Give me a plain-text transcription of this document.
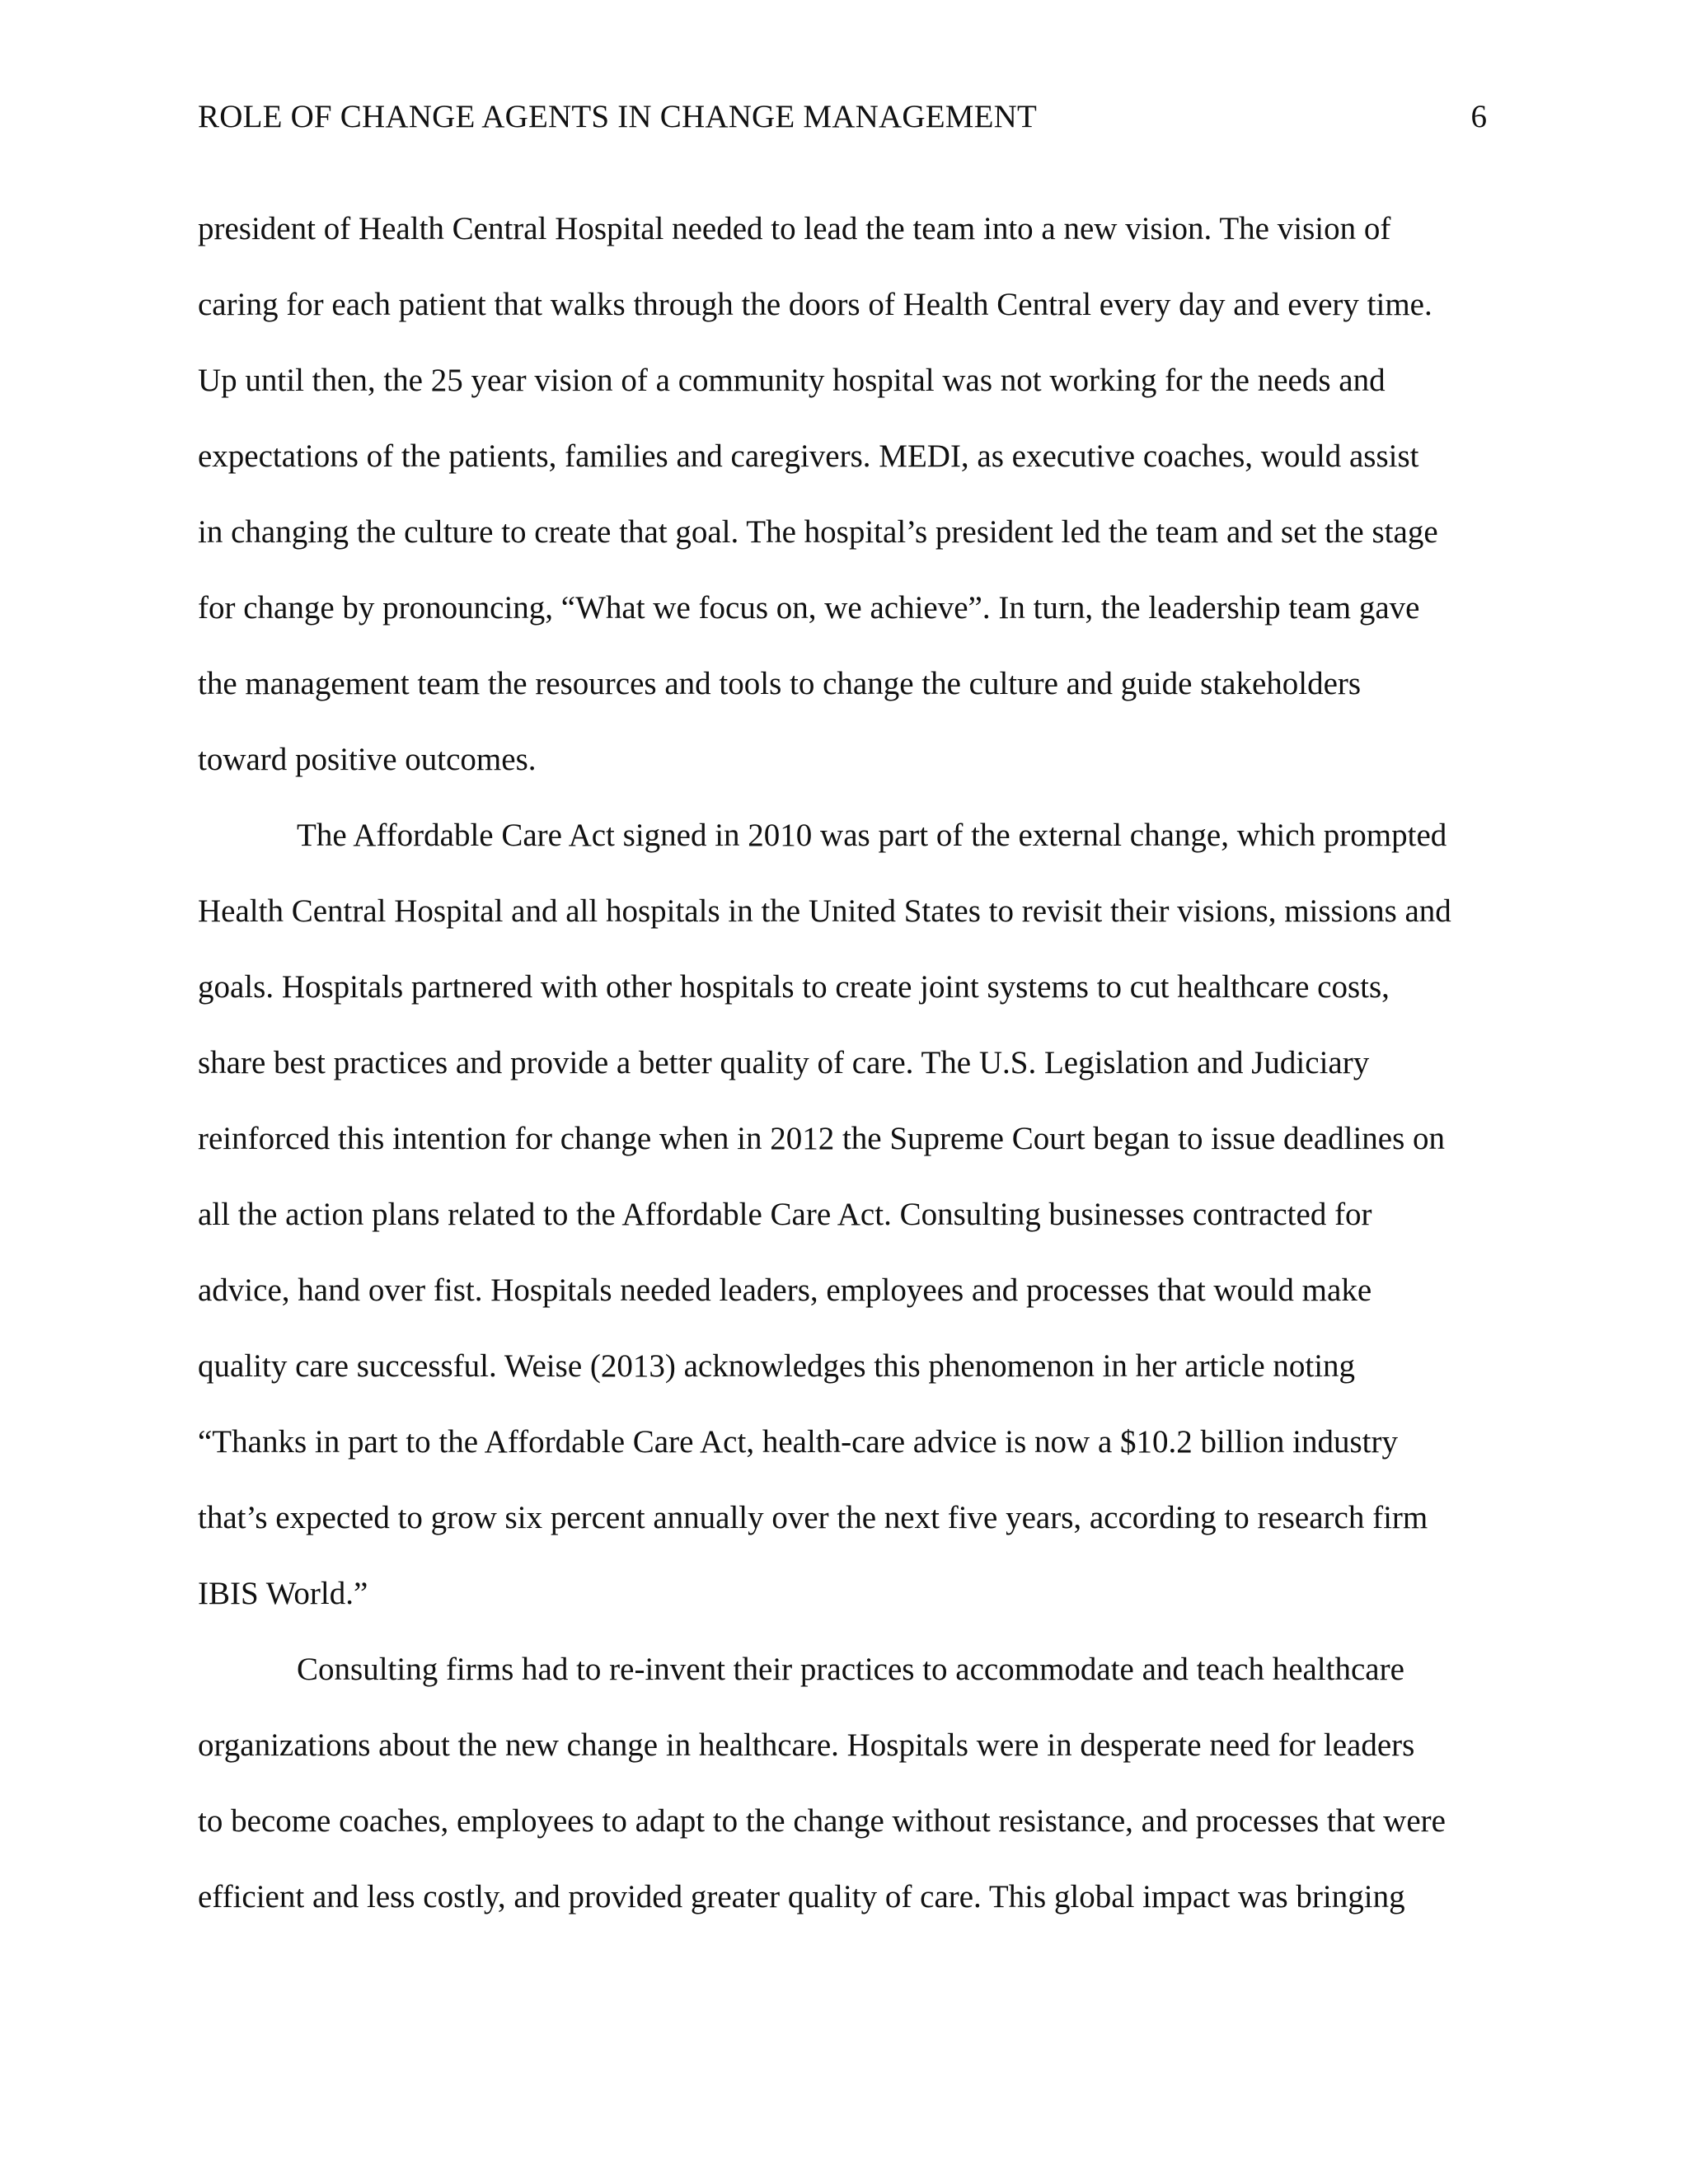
ROLE OF CHANGE AGENTS IN CHANGE MANAGEMENT	6
president of Health Central Hospital needed to lead the team into a new vision. The vision of
caring for each patient that walks through the doors of Health Central every day and every time.
Up until then, the 25 year vision of a community hospital was not working for the needs and
expectations of the patients, families and caregivers. MEDI, as executive coaches, would assist
in changing the culture to create that goal. The hospital’s president led the team and set the stage
for change by pronouncing, “What we focus on, we achieve”. In turn, the leadership team gave
the management team the resources and tools to change the culture and guide stakeholders
toward positive outcomes.
The Affordable Care Act signed in 2010 was part of the external change, which prompted
Health Central Hospital and all hospitals in the United States to revisit their visions, missions and
goals. Hospitals partnered with other hospitals to create joint systems to cut healthcare costs,
share best practices and provide a better quality of care. The U.S. Legislation and Judiciary
reinforced this intention for change when in 2012 the Supreme Court began to issue deadlines on
all the action plans related to the Affordable Care Act. Consulting businesses contracted for
advice, hand over fist. Hospitals needed leaders, employees and processes that would make
quality care successful. Weise (2013) acknowledges this phenomenon in her article noting
“Thanks in part to the Affordable Care Act, health-care advice is now a $10.2 billion industry
that’s expected to grow six percent annually over the next five years, according to research firm
IBIS World.”
Consulting firms had to re-invent their practices to accommodate and teach healthcare
organizations about the new change in healthcare. Hospitals were in desperate need for leaders
to become coaches, employees to adapt to the change without resistance, and processes that were
efficient and less costly, and provided greater quality of care. This global impact was bringing
